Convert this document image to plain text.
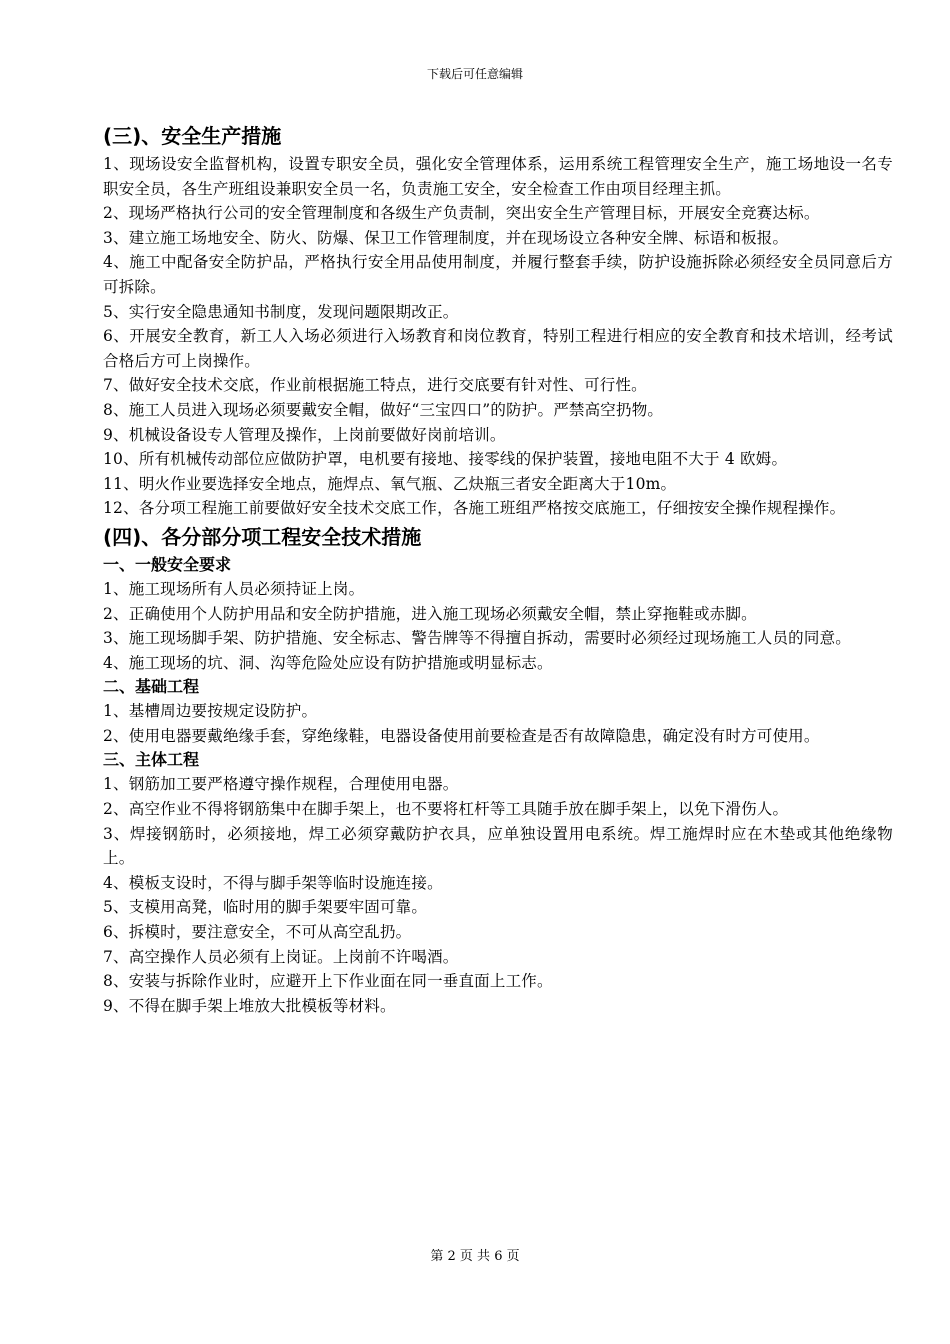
下载后可任意编辑
(三)、安全生产措施

1、现场设安全监督机构，设置专职安全员，强化安全管理体系，运用系统工程管理安全生产，施工场地设一名专职安全员，各生产班组设兼职安全员一名，负责施工安全，安全检查工作由项目经理主抓。

2、现场严格执行公司的安全管理制度和各级生产负责制，突出安全生产管理目标，开展安全竞赛达标。

3、建立施工场地安全、防火、防爆、保卫工作管理制度，并在现场设立各种安全牌、标语和板报。

4、施工中配备安全防护品，严格执行安全用品使用制度，并履行整套手续，防护设施拆除必须经安全员同意后方可拆除。

5、实行安全隐患通知书制度，发现问题限期改正。

6、开展安全教育，新工人入场必须进行入场教育和岗位教育，特别工程进行相应的安全教育和技术培训，经考试合格后方可上岗操作。

7、做好安全技术交底，作业前根据施工特点，进行交底要有针对性、可行性。

8、施工人员进入现场必须要戴安全帽，做好“三宝四口”的防护。严禁高空扔物。

9、机械设备设专人管理及操作，上岗前要做好岗前培训。

10、所有机械传动部位应做防护罩，电机要有接地、接零线的保护装置，接地电阻不大于 4 欧姆。

11、明火作业要选择安全地点，施焊点、氧气瓶、乙炔瓶三者安全距离大于10m。

12、各分项工程施工前要做好安全技术交底工作，各施工班组严格按交底施工，仔细按安全操作规程操作。

(四)、各分部分项工程安全技术措施
一、一般安全要求

1、施工现场所有人员必须持证上岗。

2、正确使用个人防护用品和安全防护措施，进入施工现场必须戴安全帽，禁止穿拖鞋或赤脚。

3、施工现场脚手架、防护措施、安全标志、警告牌等不得擅自拆动，需要时必须经过现场施工人员的同意。

4、施工现场的坑、洞、沟等危险处应设有防护措施或明显标志。

二、基础工程

1、基槽周边要按规定设防护。

2、使用电器要戴绝缘手套，穿绝缘鞋，电器设备使用前要检查是否有故障隐患，确定没有时方可使用。

三、主体工程

1、钢筋加工要严格遵守操作规程，合理使用电器。

2、高空作业不得将钢筋集中在脚手架上，也不要将杠杆等工具随手放在脚手架上，以免下滑伤人。

3、焊接钢筋时，必须接地，焊工必须穿戴防护衣具，应单独设置用电系统。焊工施焊时应在木垫或其他绝缘物上。

4、模板支设时，不得与脚手架等临时设施连接。

5、支模用高凳，临时用的脚手架要牢固可靠。

6、拆模时，要注意安全，不可从高空乱扔。

7、高空操作人员必须有上岗证。上岗前不许喝酒。

8、安装与拆除作业时，应避开上下作业面在同一垂直面上工作。

9、不得在脚手架上堆放大批模板等材料。

第 2 页 共 6 页
